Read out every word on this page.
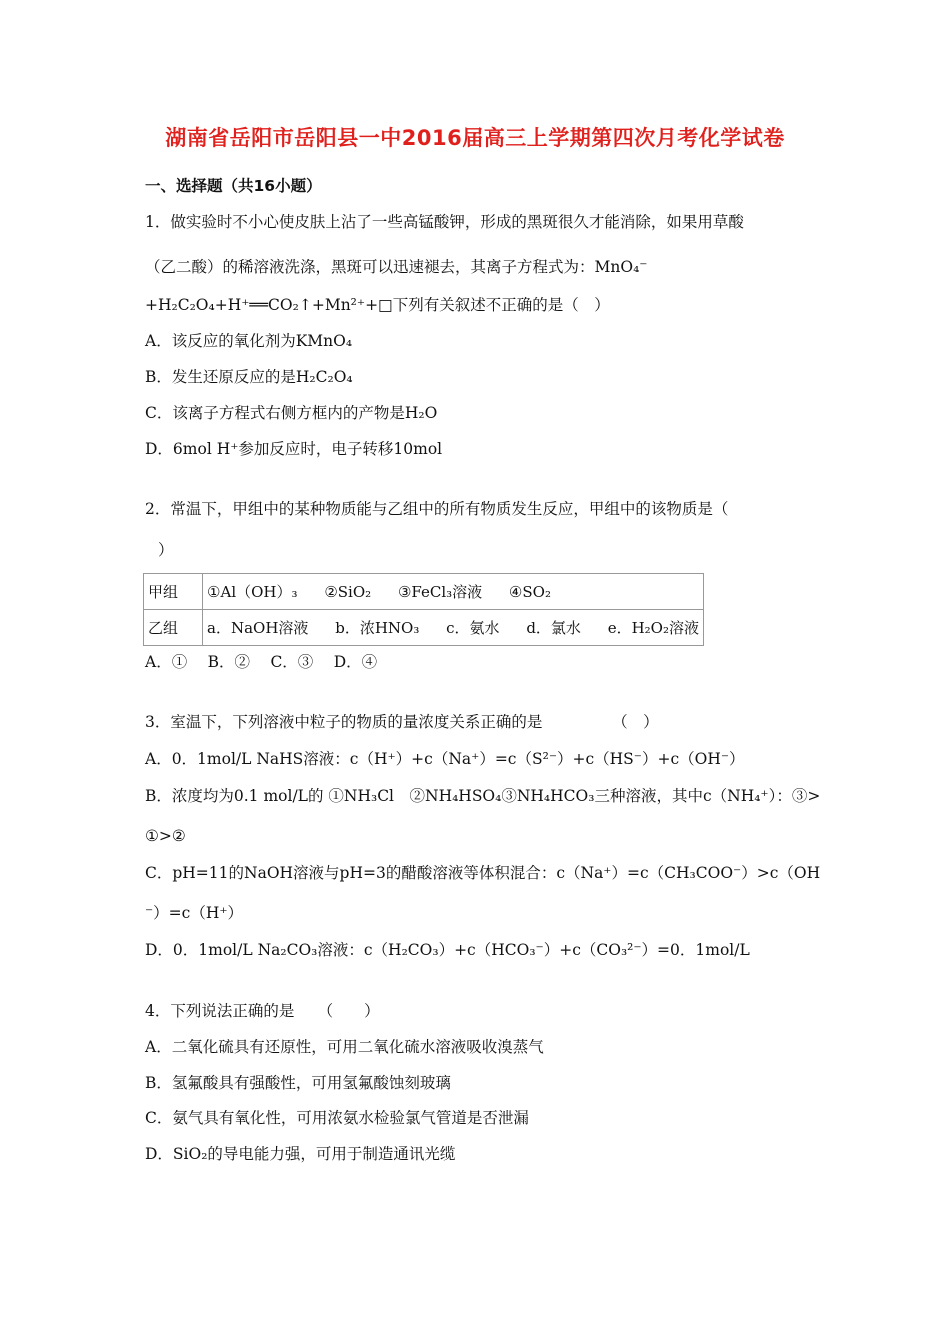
湖南省岳阳市岳阳县一中2016届高三上学期第四次月考化学试卷
一、选择题（共16小题）
1．做实验时不小心使皮肤上沾了一些高锰酸钾，形成的黑斑很久才能消除，如果用草酸
（乙二酸）的稀溶液洗涤，黑斑可以迅速褪去，其离子方程式为：MnO₄⁻
+H₂C₂O₄+H⁺══CO₂↑+Mn²⁺+□下列有关叙述不正确的是（　）
A．该反应的氧化剂为KMnO₄
B．发生还原反应的是H₂C₂O₄
C．该离子方程式右侧方框内的产物是H₂O
D．6mol H⁺参加反应时，电子转移10mol
2．常温下，甲组中的某种物质能与乙组中的所有物质发生反应，甲组中的该物质是（
）
甲组	①Al（OH）₃ ②SiO₂ ③FeCl₃溶液 ④SO₂
乙组	a．NaOH溶液 b．浓HNO₃ c．氨水 d．氯水 e．H₂O₂溶液
A．①　 B．②　 C．③　 D．④
3．室温下，下列溶液中粒子的物质的量浓度关系正确的是　　　　　（　）
A．0．1mol/L NaHS溶液：c（H⁺）+c（Na⁺）=c（S²⁻）+c（HS⁻）+c（OH⁻）
B．浓度均为0.1 mol/L的 ①NH₃Cl　②NH₄HSO₄③NH₄HCO₃三种溶液，其中c（NH₄⁺）：③>
①>②
C．pH=11的NaOH溶液与pH=3的醋酸溶液等体积混合：c（Na⁺）=c（CH₃COO⁻）>c（OH
⁻）=c（H⁺）
D．0．1mol/L Na₂CO₃溶液：c（H₂CO₃）+c（HCO₃⁻）+c（CO₃²⁻）=0．1mol/L
4．下列说法正确的是　　（　　）
A．二氧化硫具有还原性，可用二氧化硫水溶液吸收溴蒸气
B．氢氟酸具有强酸性，可用氢氟酸蚀刻玻璃
C．氨气具有氧化性，可用浓氨水检验氯气管道是否泄漏
D．SiO₂的导电能力强，可用于制造通讯光缆
